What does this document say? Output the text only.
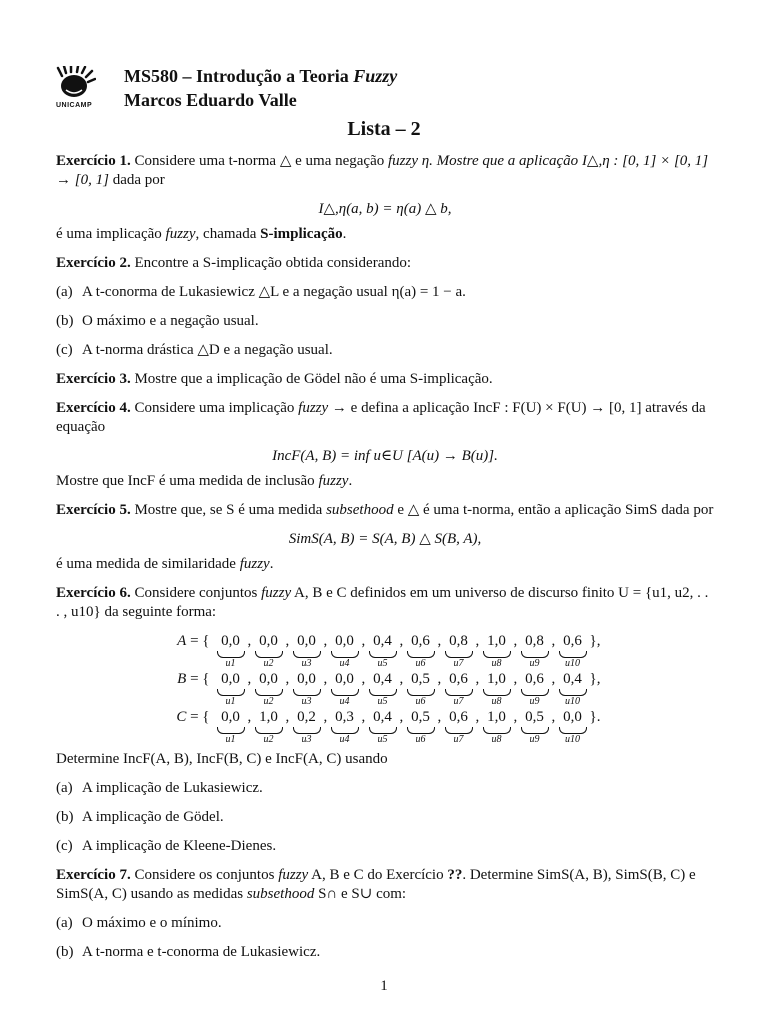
UNICAMP
MS580 – Introdução a Teoria Fuzzy
Marcos Eduardo Valle
Lista – 2

Exercício 1. Considere uma t-norma △ e uma negação fuzzy η. Mostre que a aplicação I△,η : [0, 1] × [0, 1] → [0, 1] dada por

I△,η(a, b) = η(a) △ b,

é uma implicação fuzzy, chamada S-implicação.

Exercício 2. Encontre a S-implicação obtida considerando:

(a) A t-conorma de Lukasiewicz △L e a negação usual η(a) = 1 − a.
(b) O máximo e a negação usual.
(c) A t-norma drástica △D e a negação usual.

Exercício 3. Mostre que a implicação de Gödel não é uma S-implicação.

Exercício 4. Considere uma implicação fuzzy → e defina a aplicação IncF : F(U) × F(U) → [0, 1] através da equação

IncF(A, B) = inf u∈U [A(u) → B(u)].

Mostre que IncF é uma medida de inclusão fuzzy.

Exercício 5. Mostre que, se S é uma medida subsethood e △ é uma t-norma, então a aplicação SimS dada por

SimS(A, B) = S(A, B) △ S(B, A),

é uma medida de similaridade fuzzy.

Exercício 6. Considere conjuntos fuzzy A, B e C definidos em um universo de discurso finito U = {u1, u2, . . . , u10} da seguinte forma:

A = { 0,0
u1
, 0,0
u2
, 0,0
u3
, 0,0
u4
, 0,4
u5
, 0,6
u6
, 0,8
u7
, 1,0
u8
, 0,8
u9
, 0,6
u10
},
B = { 0,0
u1
, 0,0
u2
, 0,0
u3
, 0,0
u4
, 0,4
u5
, 0,5
u6
, 0,6
u7
, 1,0
u8
, 0,6
u9
, 0,4
u10
},
C = { 0,0
u1
, 1,0
u2
, 0,2
u3
, 0,3
u4
, 0,4
u5
, 0,5
u6
, 0,6
u7
, 1,0
u8
, 0,5
u9
, 0,0
u10
}.

Determine IncF(A, B), IncF(B, C) e IncF(A, C) usando

(a) A implicação de Lukasiewicz.
(b) A implicação de Gödel.
(c) A implicação de Kleene-Dienes.

Exercício 7. Considere os conjuntos fuzzy A, B e C do Exercício ??. Determine SimS(A, B), SimS(B, C) e SimS(A, C) usando as medidas subsethood S∩ e S∪ com:

(a) O máximo e o mínimo.
(b) A t-norma e t-conorma de Lukasiewicz.
1
